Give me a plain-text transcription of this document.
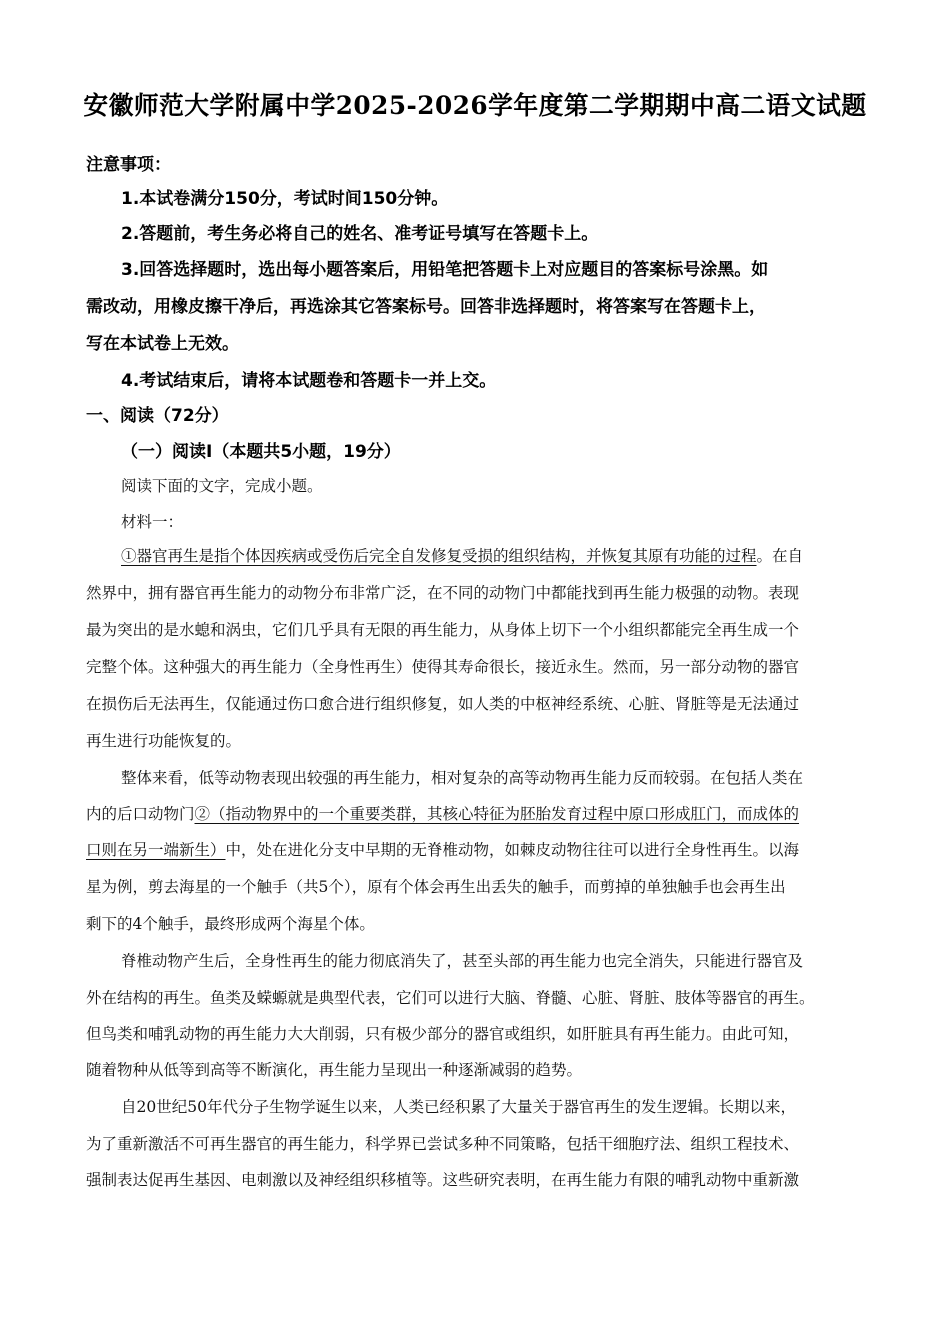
安徽师范大学附属中学2025-2026学年度第二学期期中高二语文试题
注意事项：
1.本试卷满分150分，考试时间150分钟。
2.答题前，考生务必将自己的姓名、准考证号填写在答题卡上。
3.回答选择题时，选出每小题答案后，用铅笔把答题卡上对应题目的答案标号涂黑。如
需改动，用橡皮擦干净后，再选涂其它答案标号。回答非选择题时，将答案写在答题卡上，
写在本试卷上无效。
4.考试结束后，请将本试题卷和答题卡一并上交。
一、阅读（72分）
（一）阅读Ⅰ（本题共5小题，19分）
阅读下面的文字，完成小题。
材料一：
①器官再生是指个体因疾病或受伤后完全自发修复受损的组织结构，并恢复其原有功能的过程。在自
然界中，拥有器官再生能力的动物分布非常广泛，在不同的动物门中都能找到再生能力极强的动物。表现
最为突出的是水螅和涡虫，它们几乎具有无限的再生能力，从身体上切下一个小组织都能完全再生成一个
完整个体。这种强大的再生能力（全身性再生）使得其寿命很长，接近永生。然而，另一部分动物的器官
在损伤后无法再生，仅能通过伤口愈合进行组织修复，如人类的中枢神经系统、心脏、肾脏等是无法通过
再生进行功能恢复的。
整体来看，低等动物表现出较强的再生能力，相对复杂的高等动物再生能力反而较弱。在包括人类在
内的后口动物门②（指动物界中的一个重要类群，其核心特征为胚胎发育过程中原口形成肛门，而成体的
口则在另一端新生）中，处在进化分支中早期的无脊椎动物，如棘皮动物往往可以进行全身性再生。以海
星为例，剪去海星的一个触手（共5个），原有个体会再生出丢失的触手，而剪掉的单独触手也会再生出
剩下的4个触手，最终形成两个海星个体。
脊椎动物产生后，全身性再生的能力彻底消失了，甚至头部的再生能力也完全消失，只能进行器官及
外在结构的再生。鱼类及蝾螈就是典型代表，它们可以进行大脑、脊髓、心脏、肾脏、肢体等器官的再生。
但鸟类和哺乳动物的再生能力大大削弱，只有极少部分的器官或组织，如肝脏具有再生能力。由此可知，
随着物种从低等到高等不断演化，再生能力呈现出一种逐渐减弱的趋势。
自20世纪50年代分子生物学诞生以来，人类已经积累了大量关于器官再生的发生逻辑。长期以来，
为了重新激活不可再生器官的再生能力，科学界已尝试多种不同策略，包括干细胞疗法、组织工程技术、
强制表达促再生基因、电刺激以及神经组织移植等。这些研究表明，在再生能力有限的哺乳动物中重新激
